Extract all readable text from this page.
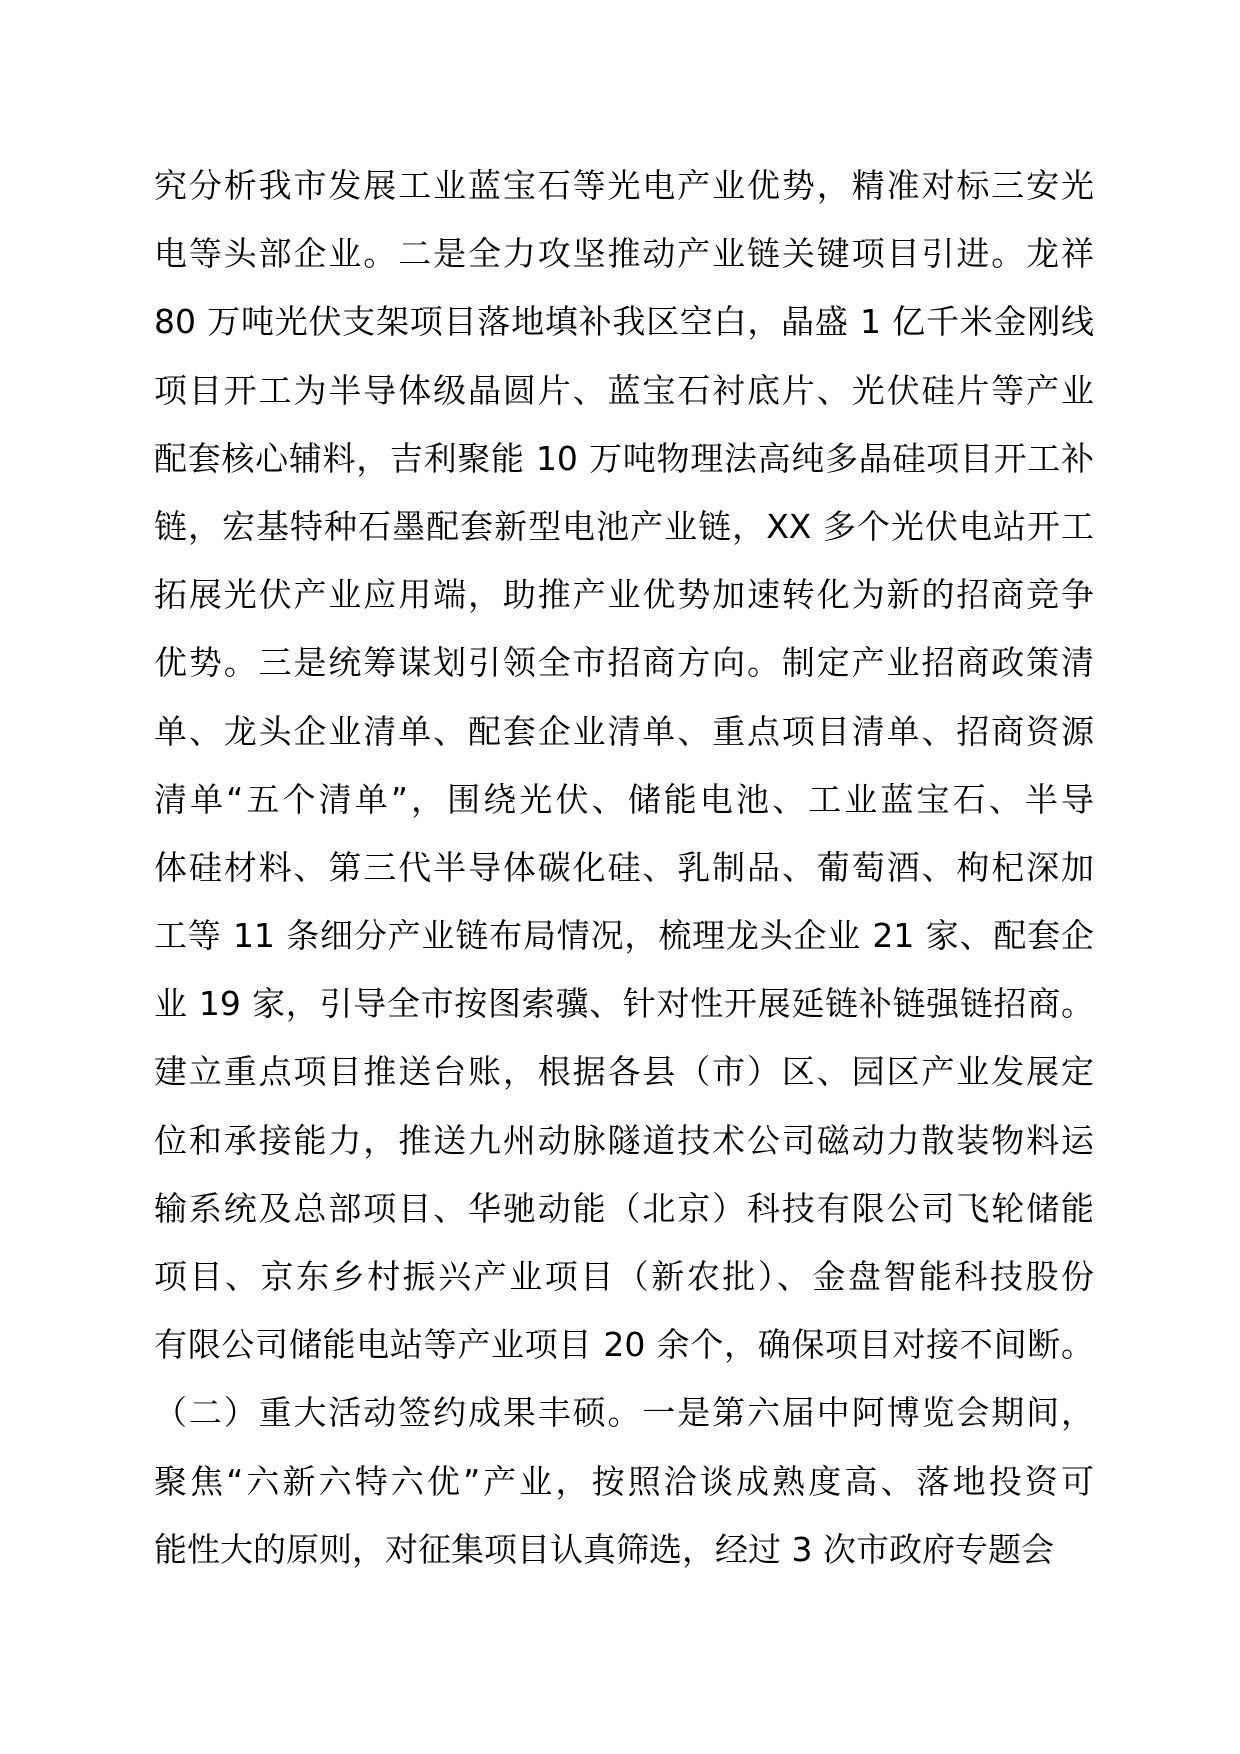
究分析我市发展工业蓝宝石等光电产业优势，精准对标三安光
电等头部企业。二是全力攻坚推动产业链关键项目引进。龙祥
80 万吨光伏支架项目落地填补我区空白，晶盛 1 亿千米金刚线
项目开工为半导体级晶圆片、蓝宝石衬底片、光伏硅片等产业
配套核心辅料，吉利聚能 10 万吨物理法高纯多晶硅项目开工补
链，宏基特种石墨配套新型电池产业链，XX 多个光伏电站开工
拓展光伏产业应用端，助推产业优势加速转化为新的招商竞争
优势。三是统筹谋划引领全市招商方向。制定产业招商政策清
单、龙头企业清单、配套企业清单、重点项目清单、招商资源
清单“五个清单”，围绕光伏、储能电池、工业蓝宝石、半导
体硅材料、第三代半导体碳化硅、乳制品、葡萄酒、枸杞深加
工等 11 条细分产业链布局情况，梳理龙头企业 21 家、配套企
业 19 家，引导全市按图索骥、针对性开展延链补链强链招商。
建立重点项目推送台账，根据各县（市）区、园区产业发展定
位和承接能力，推送九州动脉隧道技术公司磁动力散装物料运
输系统及总部项目、华驰动能（北京）科技有限公司飞轮储能
项目、京东乡村振兴产业项目（新农批）、金盘智能科技股份
有限公司储能电站等产业项目 20 余个，确保项目对接不间断。
（二）重大活动签约成果丰硕。一是第六届中阿博览会期间，
聚焦“六新六特六优”产业，按照洽谈成熟度高、落地投资可
能性大的原则，对征集项目认真筛选，经过 3 次市政府专题会
